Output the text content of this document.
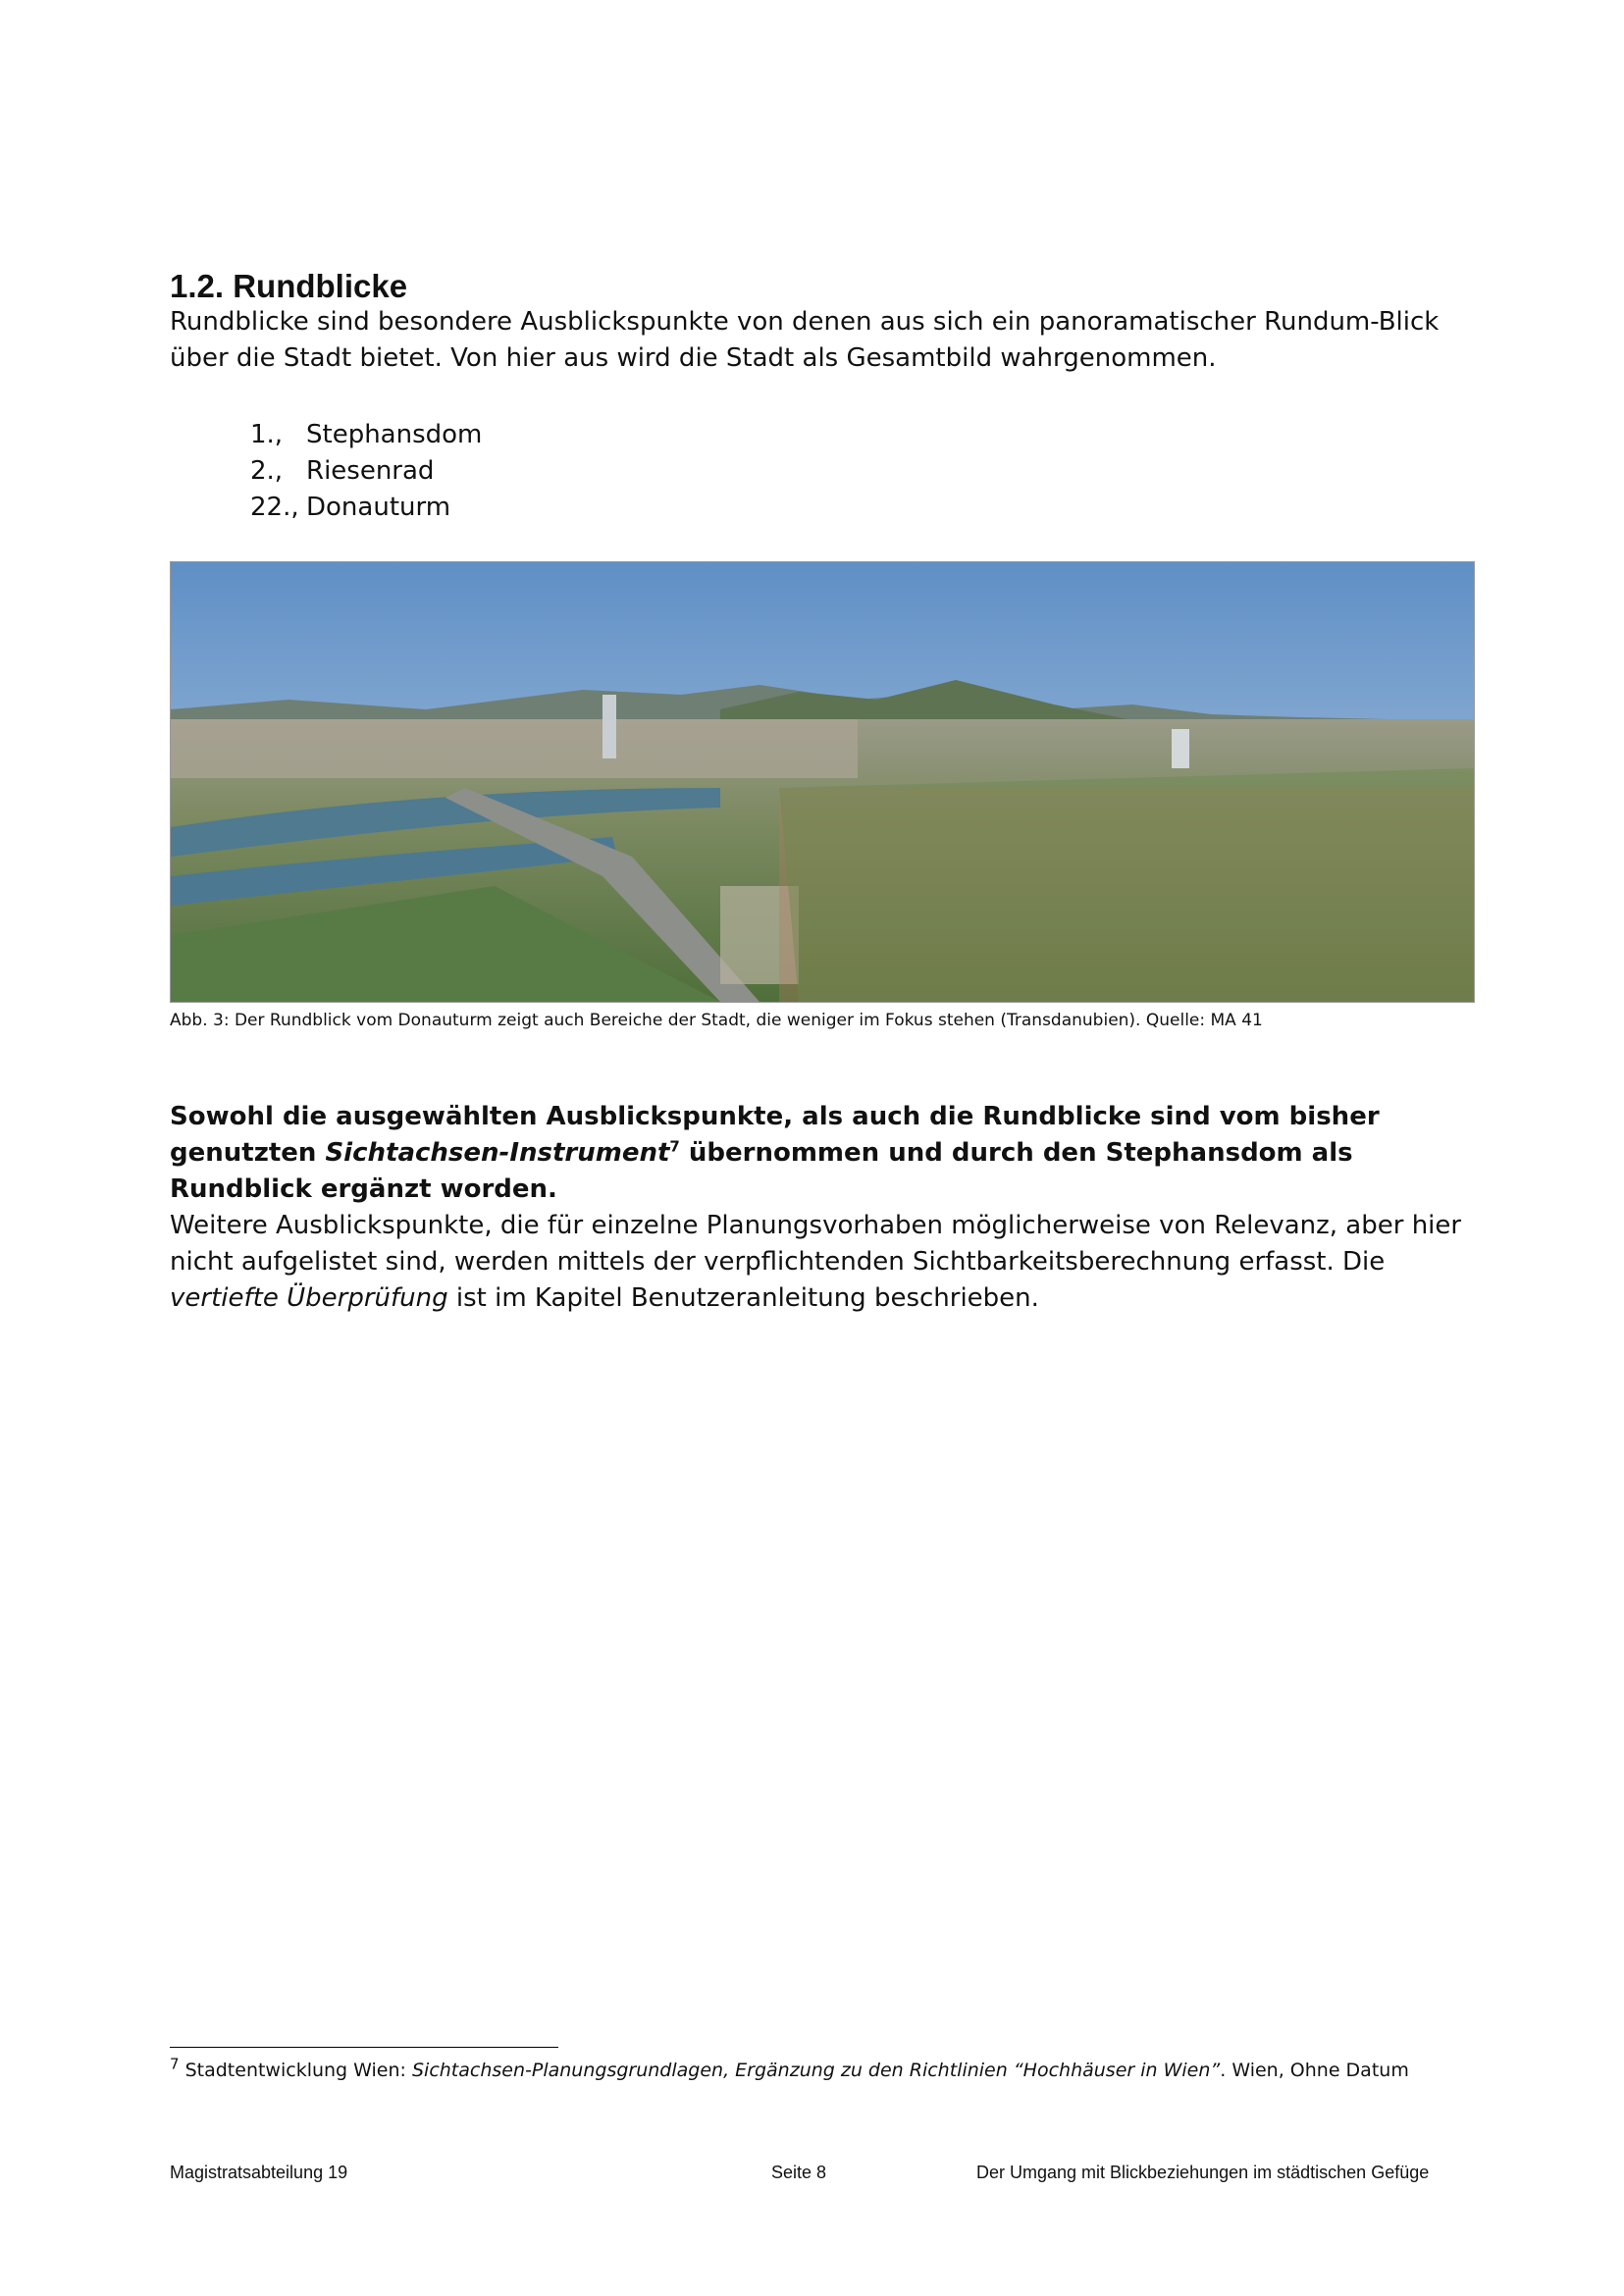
1.2. Rundblicke

Rundblicke sind besondere Ausblickspunkte von denen aus sich ein panoramatischer Rundum-Blick über die Stadt bietet. Von hier aus wird die Stadt als Gesamtbild wahrgenommen.

1., Stephansdom
2., Riesenrad
22., Donauturm
Abb. 3: Der Rundblick vom Donauturm zeigt auch Bereiche der Stadt, die weniger im Fokus stehen (Transdanubien). Quelle: MA 41

Sowohl die ausgewählten Ausblickspunkte, als auch die Rundblicke sind vom bisher genutzten Sichtachsen-Instrument$^7$ übernommen und durch den Stephansdom als Rundblick ergänzt worden.

Weitere Ausblickspunkte, die für einzelne Planungsvorhaben möglicherweise von Relevanz, aber hier nicht aufgelistet sind, werden mittels der verpflichtenden Sichtbarkeitsberechnung erfasst. Die vertiefte Überprüfung ist im Kapitel Benutzeranleitung beschrieben.

$^7$ Stadtentwicklung Wien: Sichtachsen-Planungsgrundlagen, Ergänzung zu den Richtlinien “Hochhäuser in Wien”. Wien, Ohne Datum
Magistratsabteilung 19	Seite 8	Der Umgang mit Blickbeziehungen im städtischen Gefüge
